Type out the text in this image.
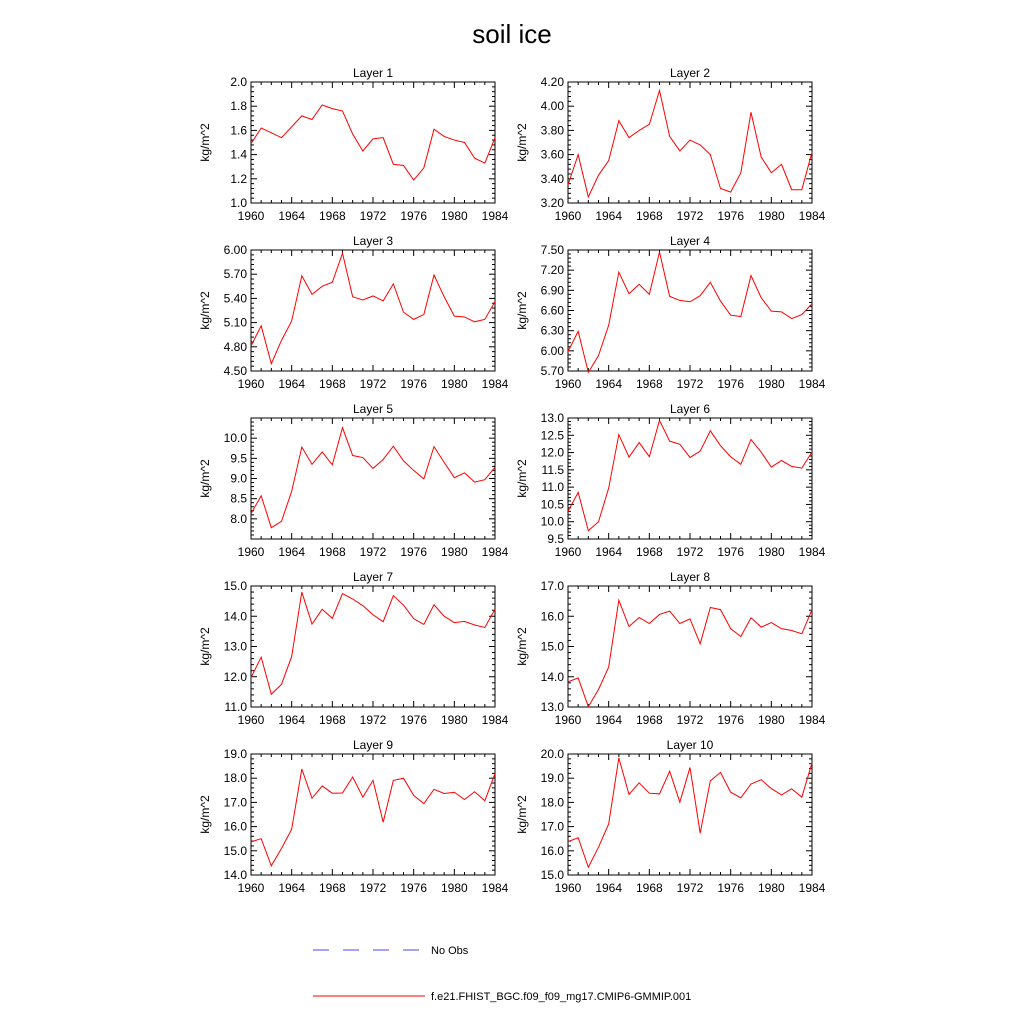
soil ice
Layer 1
kg/m^2
1960 1964 1968 1972 1976 1980 1984
1.0
1.2
1.4
1.6
1.8
2.0
Layer 2
kg/m^2
1960 1964 1968 1972 1976 1980 1984
3.20
3.40
3.60
3.80
4.00
4.20
Layer 3
kg/m^2
1960 1964 1968 1972 1976 1980 1984
4.50
4.80
5.10
5.40
5.70
6.00
Layer 4
kg/m^2
1960 1964 1968 1972 1976 1980 1984
5.70
6.00
6.30
6.60
6.90
7.20
7.50
Layer 5
kg/m^2
1960 1964 1968 1972 1976 1980 1984
8.0
8.5
9.0
9.5
10.0
Layer 6
kg/m^2
1960 1964 1968 1972 1976 1980 1984
9.5
10.0
10.5
11.0
11.5
12.0
12.5
13.0
Layer 7
kg/m^2
1960 1964 1968 1972 1976 1980 1984
11.0
12.0
13.0
14.0
15.0
Layer 8
kg/m^2
1960 1964 1968 1972 1976 1980 1984
13.0
14.0
15.0
16.0
17.0
Layer 9
kg/m^2
1960 1964 1968 1972 1976 1980 1984
14.0
15.0
16.0
17.0
18.0
19.0
Layer 10
kg/m^2
1960 1964 1968 1972 1976 1980 1984
15.0
16.0
17.0
18.0
19.0
20.0
No Obs
f.e21.FHIST_BGC.f09_f09_mg17.CMIP6-GMMIP.001
